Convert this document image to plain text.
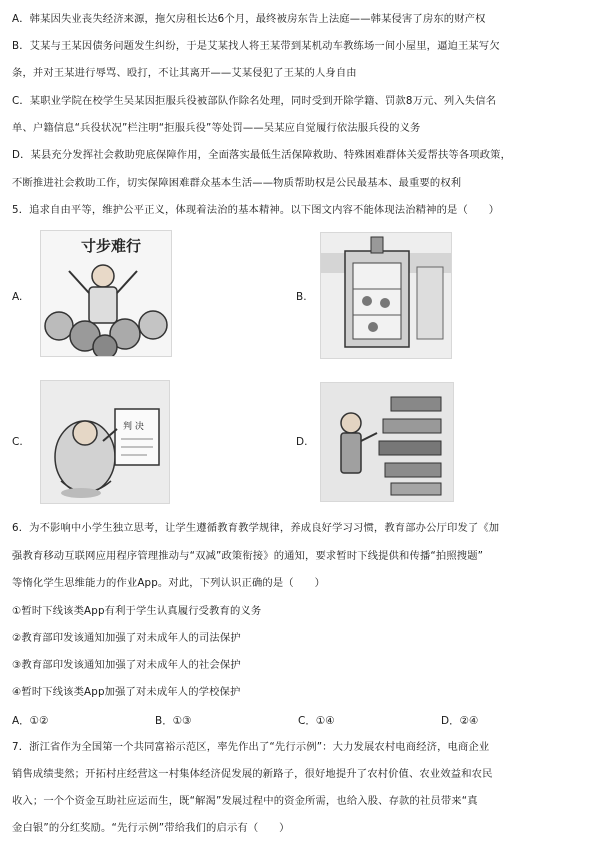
A．韩某因失业丧失经济来源，拖欠房租长达6个月，最终被房东告上法庭——韩某侵害了房东的财产权
B．艾某与王某因债务问题发生纠纷，于是艾某找人将王某带到某机动车教练场一间小屋里，逼迫王某写欠
条，并对王某进行辱骂、殴打，不让其离开——艾某侵犯了王某的人身自由
C．某职业学院在校学生吴某因拒服兵役被部队作除名处理，同时受到开除学籍、罚款8万元、列入失信名
单、户籍信息“兵役状况”栏注明“拒服兵役”等处罚——吴某应自觉履行依法服兵役的义务
D．某县充分发挥社会救助兜底保障作用，全面落实最低生活保障救助、特殊困难群体关爱帮扶等各项政策，
不断推进社会救助工作，切实保障困难群众基本生活——物质帮助权是公民最基本、最重要的权利
5．追求自由平等，维护公平正义，体现着法治的基本精神。以下图文内容不能体现法治精神的是（　　）
A.
寸步难行
B.
C.
判 决
D.
6．为不影响中小学生独立思考，让学生遵循教育教学规律，养成良好学习习惯，教育部办公厅印发了《加
强教育移动互联网应用程序管理推动与“双减”政策衔接》的通知，要求暂时下线提供和传播“拍照搜题”
等惰化学生思维能力的作业App。对此，下列认识正确的是（　　）
①暂时下线该类App有利于学生认真履行受教育的义务
②教育部印发该通知加强了对未成年人的司法保护
③教育部印发该通知加强了对未成年人的社会保护
④暂时下线该类App加强了对未成年人的学校保护
A．①②	B．①③	C．①④	D．②④
7．浙江省作为全国第一个共同富裕示范区，率先作出了“先行示例”：大力发展农村电商经济，电商企业
销售成绩斐然；开拓村庄经营这一村集体经济促发展的新路子，很好地提升了农村价值、农业效益和农民
收入；一个个资金互助社应运而生，既“解渴”发展过程中的资金所需，也给入股、存款的社员带来“真
金白银”的分红奖励。“先行示例”带给我们的启示有（　　）
